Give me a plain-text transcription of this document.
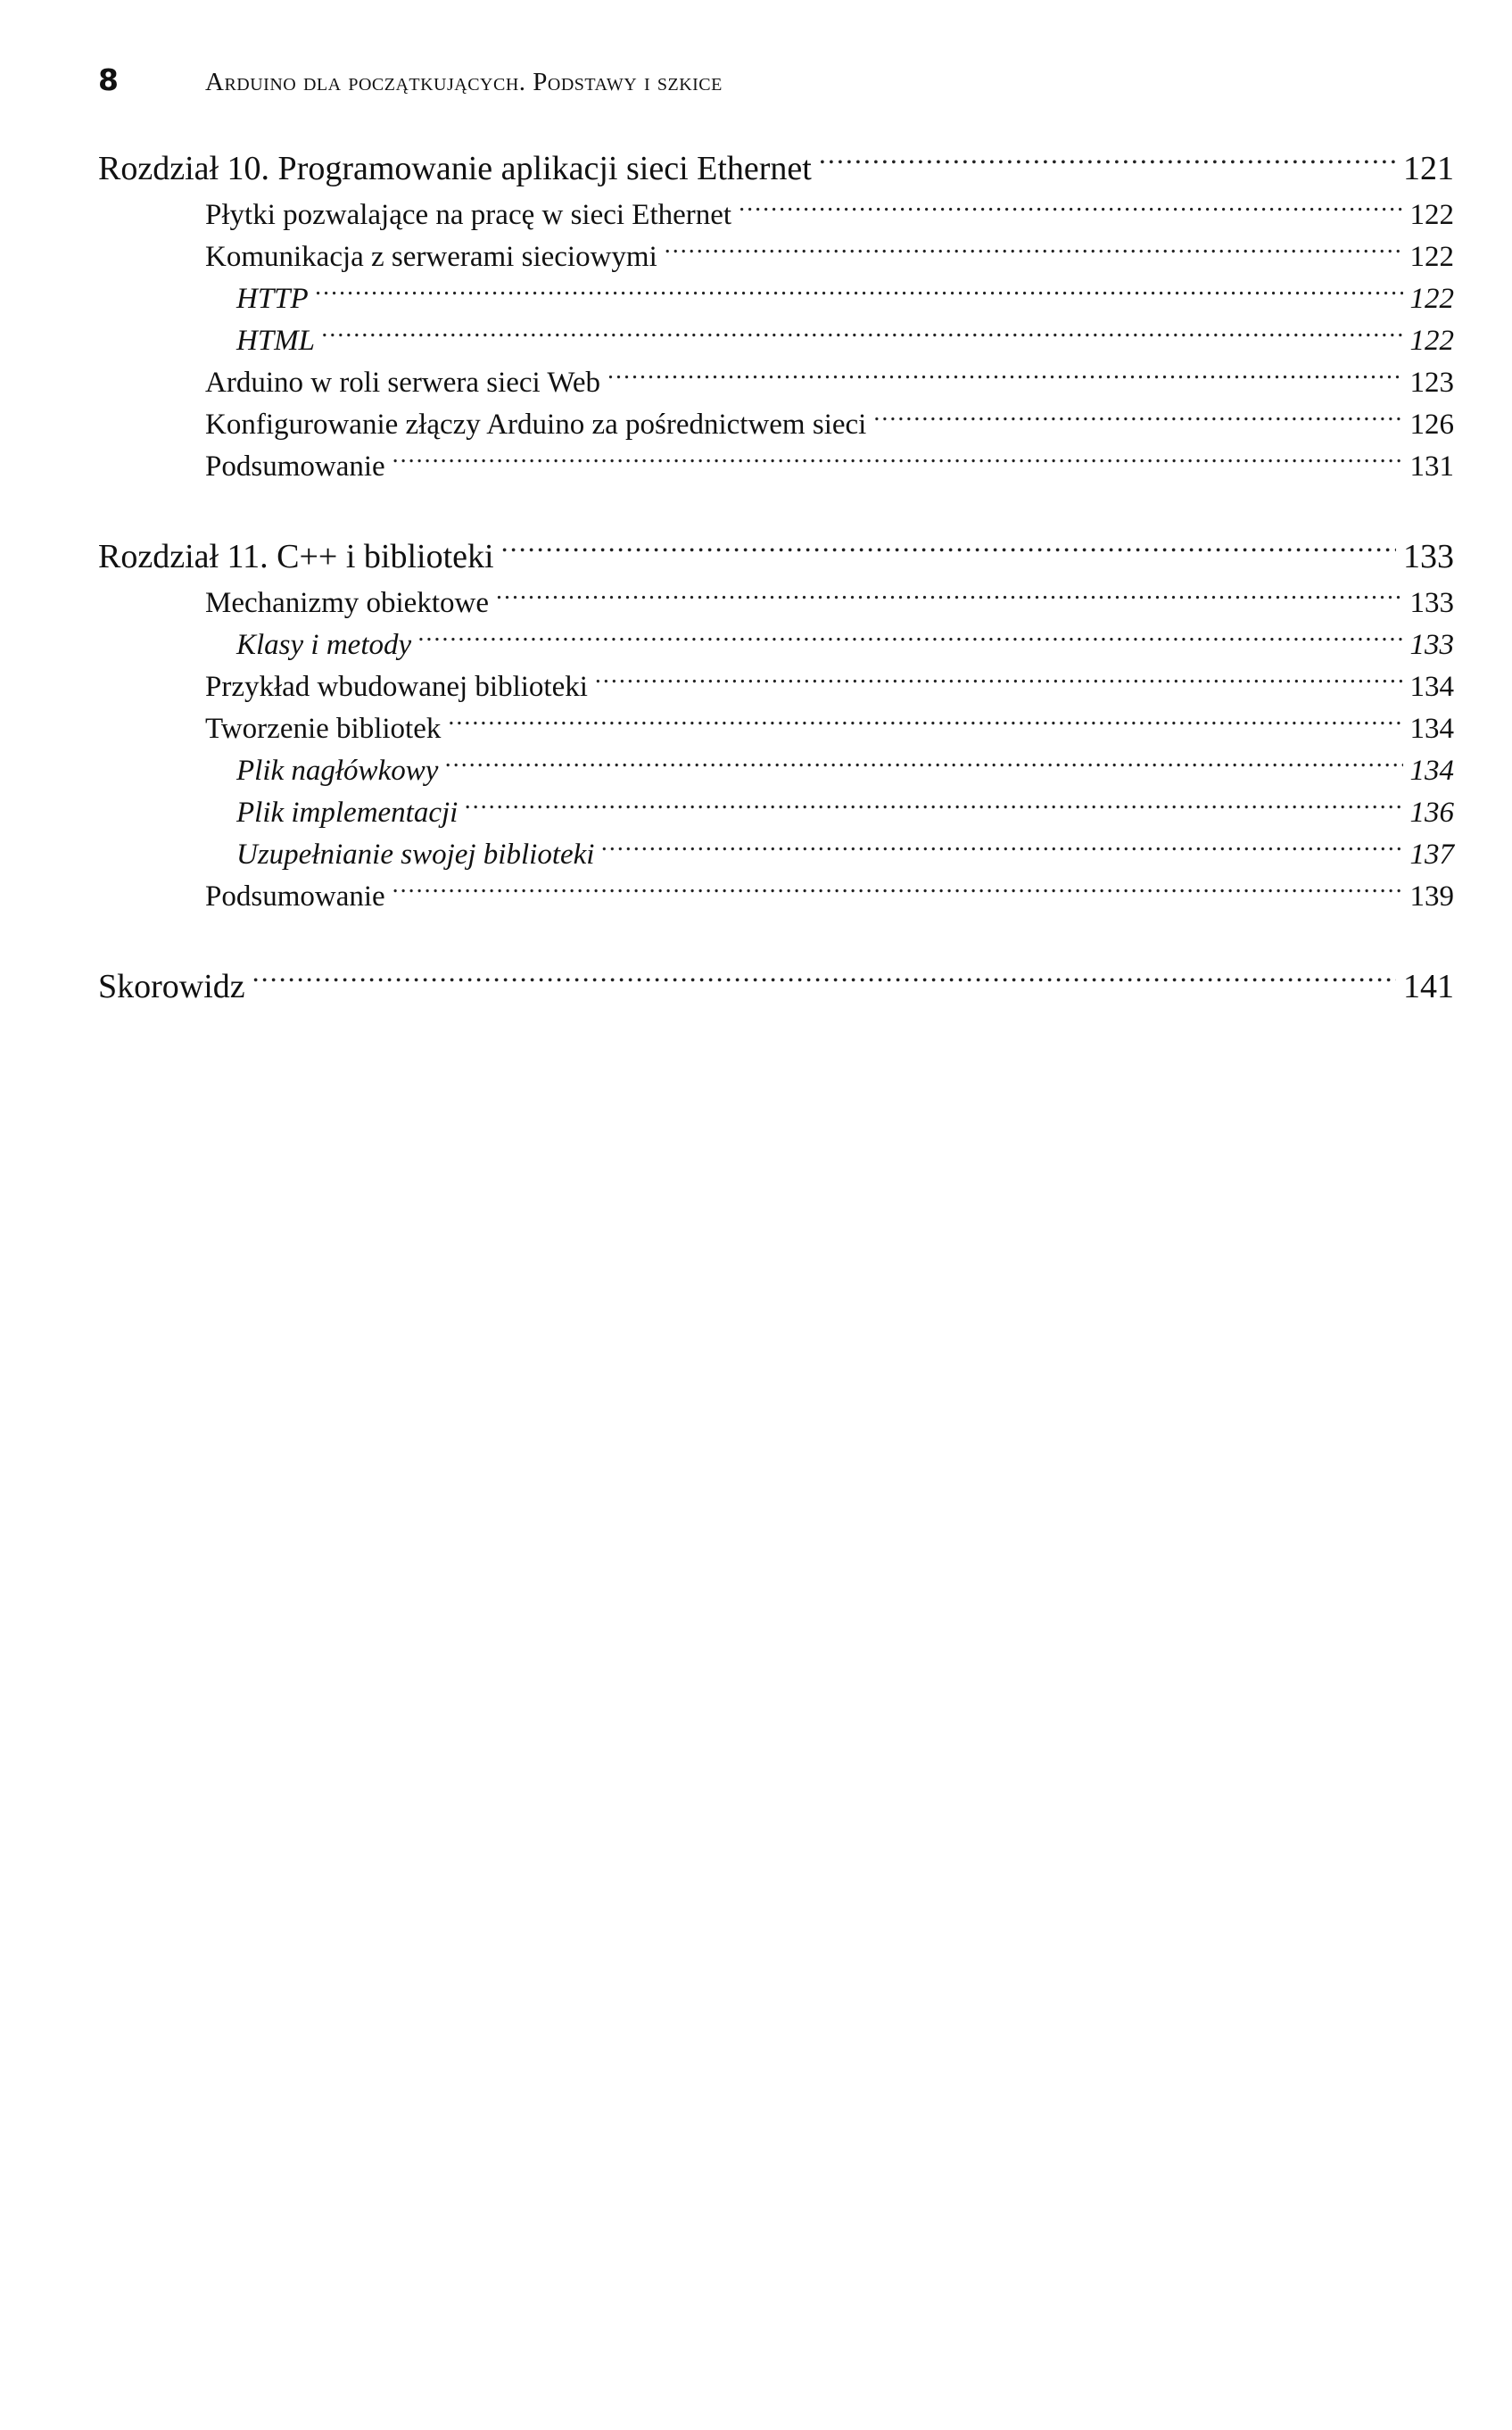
8	Arduino dla początkujących. Podstawy i szkice
Rozdział 10. Programowanie aplikacji sieci Ethernet .....	121
Płytki pozwalające na pracę w sieci Ethernet .....	122
Komunikacja z serwerami sieciowymi .....	122
HTTP .....	122
HTML .....	122
Arduino w roli serwera sieci Web .....	123
Konfigurowanie złączy Arduino za pośrednictwem sieci .....	126
Podsumowanie .....	131
Rozdział 11. C++ i biblioteki .....	133
Mechanizmy obiektowe .....	133
Klasy i metody .....	133
Przykład wbudowanej biblioteki .....	134
Tworzenie bibliotek .....	134
Plik nagłówkowy .....	134
Plik implementacji .....	136
Uzupełnianie swojej biblioteki .....	137
Podsumowanie .....	139
Skorowidz .....	141
